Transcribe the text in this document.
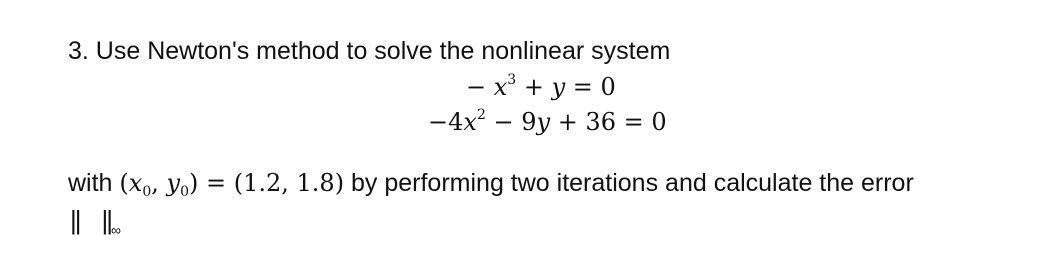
3. Use Newton's method to solve the nonlinear system
− $x^3 + y = 0$
$-4x^2 - 9y + 36 = 0$
with ($x_0$, $y_0) = (1.2$, 1.8) by performing two iterations and calculate the error
|| ||∞
